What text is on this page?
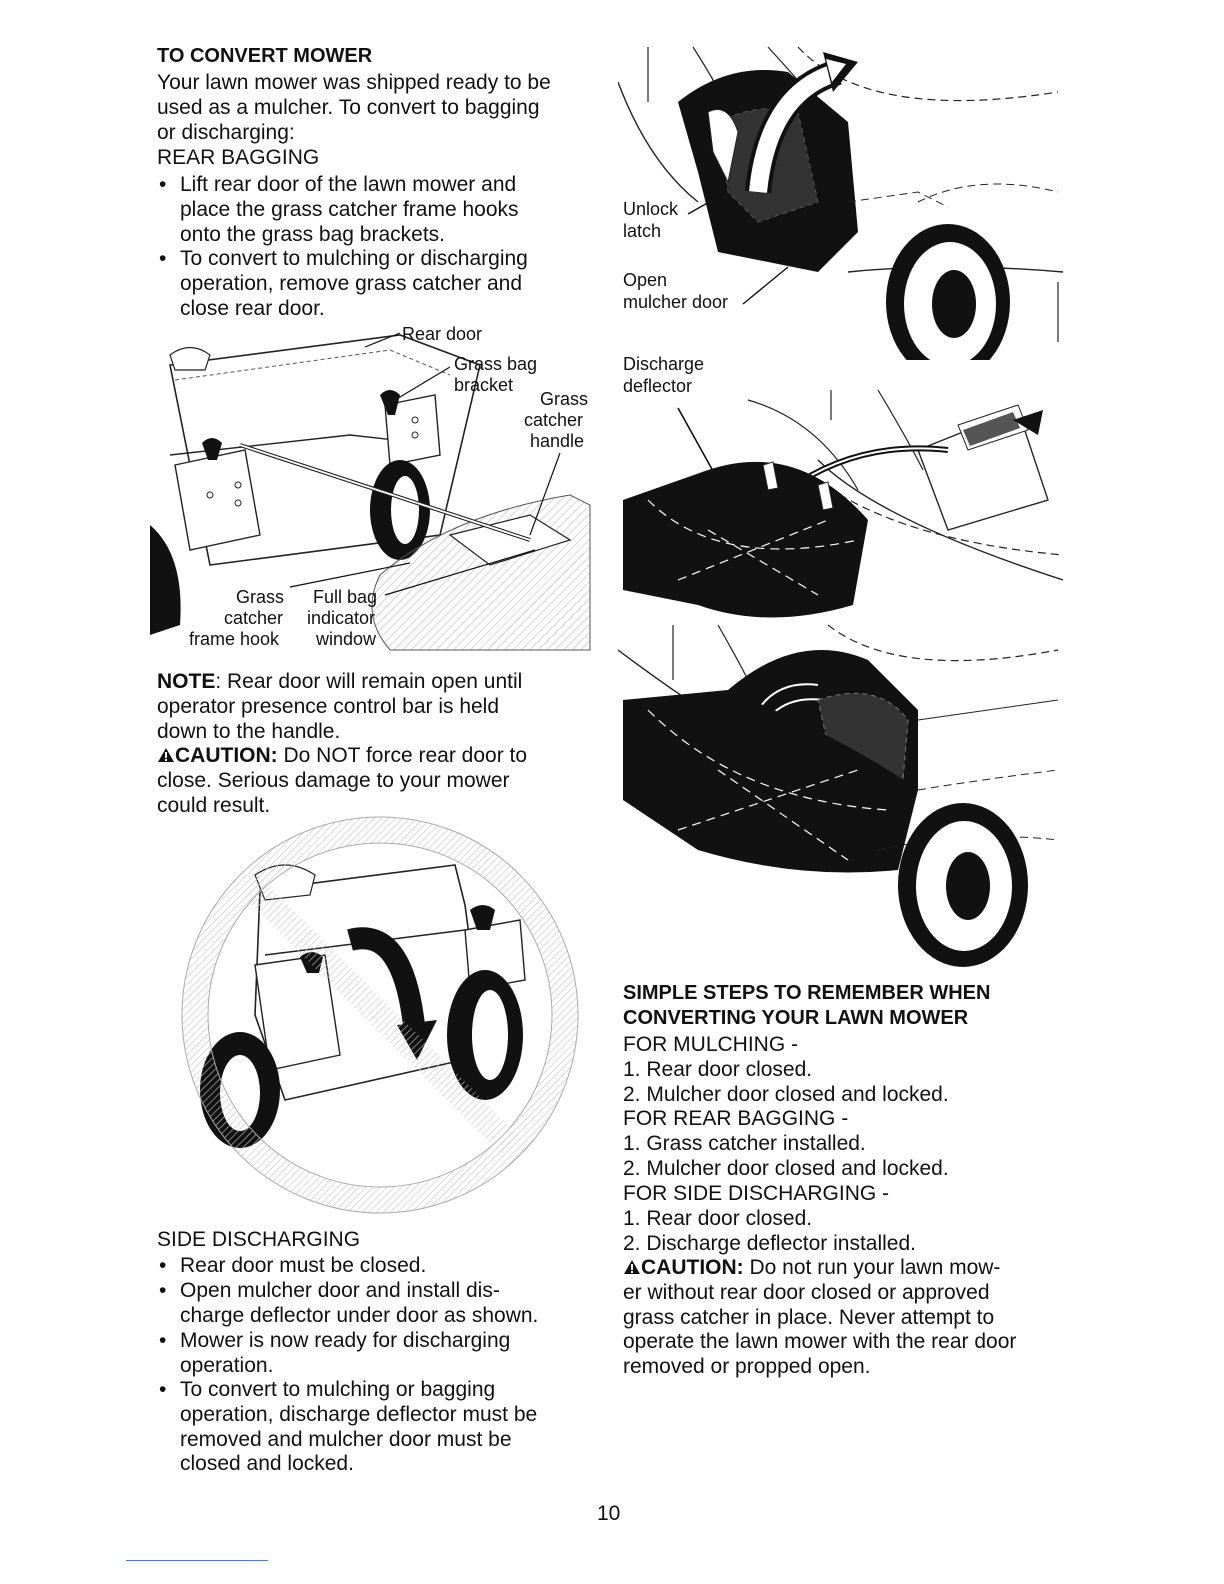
TO CONVERT MOWER
Your lawn mower was shipped ready to be
used as a mulcher. To convert to bagging
or discharging:
REAR BAGGING
• Lift rear door of the lawn mower and
place the grass catcher frame hooks
onto the grass bag brackets.
• To convert to mulching or discharging
operation, remove grass catcher and
close rear door.
Rear door
Grass bag
bracket
Grass
catcher
handle
Grass
catcher
frame hook
Full bag
indicator
window
NOTE: Rear door will remain open until
operator presence control bar is held
down to the handle.
CAUTION: Do NOT force rear door to
close. Serious damage to your mower
could result.
SIDE DISCHARGING
• Rear door must be closed.
• Open mulcher door and install dis-
charge deflector under door as shown.
• Mower is now ready for discharging
operation.
• To convert to mulching or bagging
operation, discharge deflector must be
removed and mulcher door must be
closed and locked.
Unlock
latch
Open
mulcher door
Discharge
deflector
SIMPLE STEPS TO REMEMBER WHEN
CONVERTING YOUR LAWN MOWER
FOR MULCHING -
1. Rear door closed.
2. Mulcher door closed and locked.
FOR REAR BAGGING -
1. Grass catcher installed.
2. Mulcher door closed and locked.
FOR SIDE DISCHARGING -
1. Rear door closed.
2. Discharge deflector installed.
CAUTION: Do not run your lawn mow-
er without rear door closed or approved
grass catcher in place. Never attempt to
operate the lawn mower with the rear door
removed or propped open.
10
